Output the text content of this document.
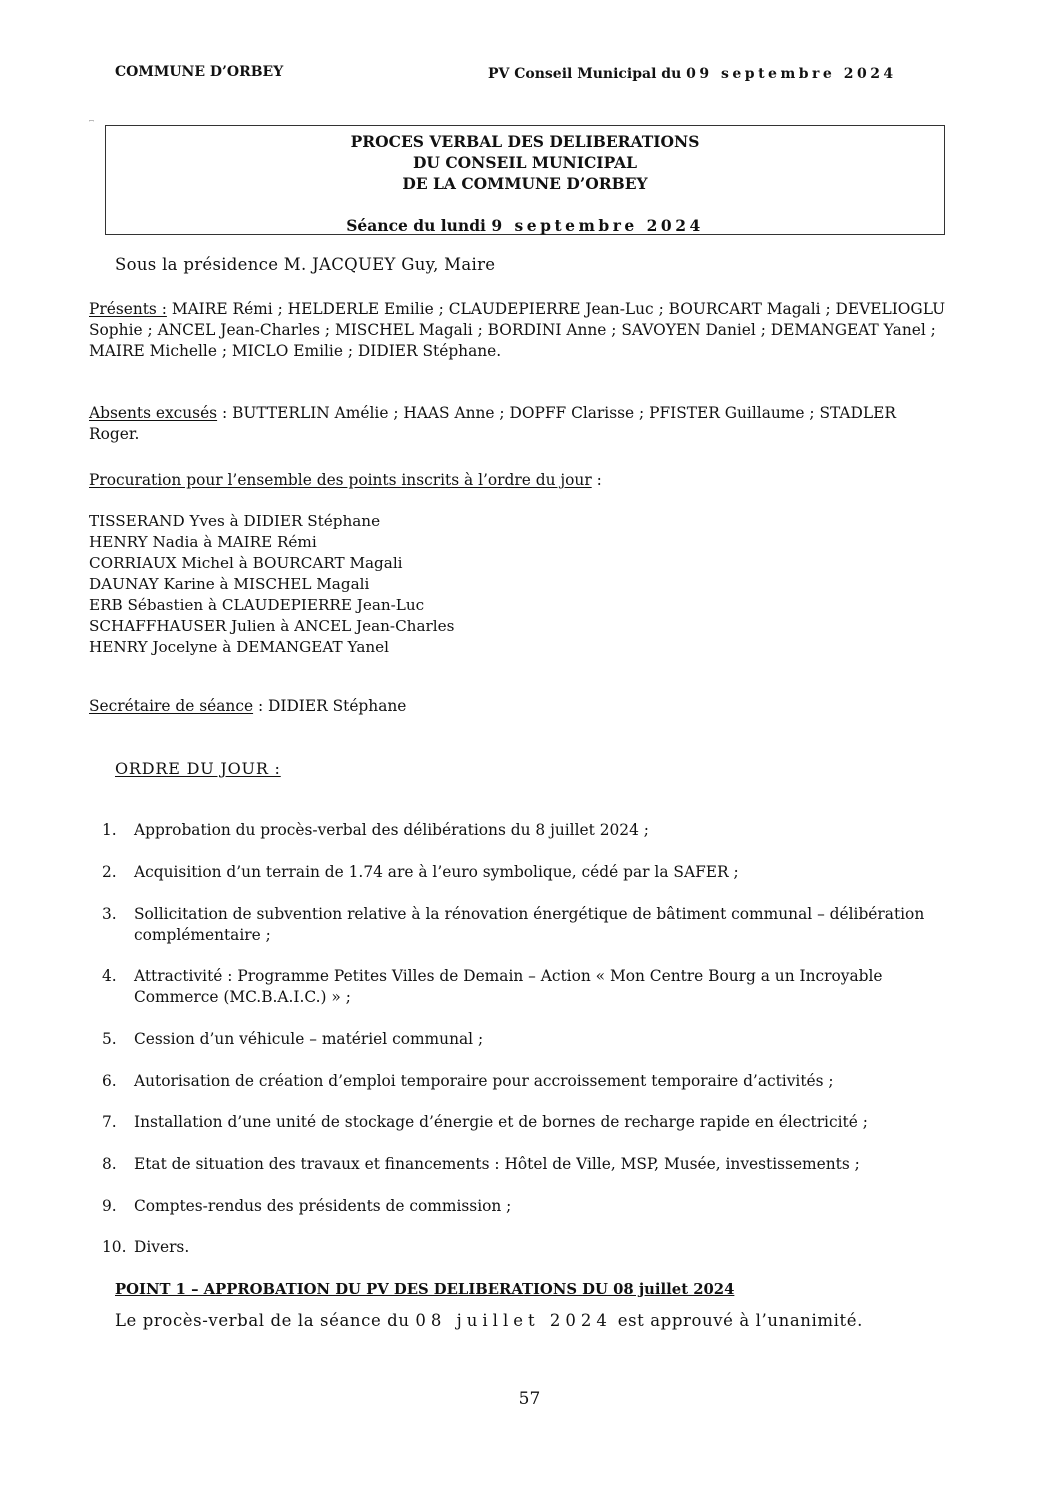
COMMUNE D’ORBEY	PV Conseil Municipal du 09 septembre 2024
ꟷ
PROCES VERBAL DES DELIBERATIONS
DU CONSEIL MUNICIPAL
DE LA COMMUNE D’ORBEY
Séance du lundi 9 septembre 2024
Sous la présidence M. JACQUEY Guy, Maire
Présents : MAIRE Rémi ; HELDERLE Emilie ; CLAUDEPIERRE Jean-Luc ; BOURCART Magali ; DEVELIOGLU Sophie ; ANCEL Jean-Charles ; MISCHEL Magali ; BORDINI Anne ; SAVOYEN Daniel ; DEMANGEAT Yanel ; MAIRE Michelle ; MICLO Emilie ; DIDIER Stéphane.
Absents excusés : BUTTERLIN Amélie ; HAAS Anne ; DOPFF Clarisse ; PFISTER Guillaume ; STADLER Roger.
Procuration pour l’ensemble des points inscrits à l’ordre du jour :
TISSERAND Yves à DIDIER Stéphane
HENRY Nadia à MAIRE Rémi
CORRIAUX Michel à BOURCART Magali
DAUNAY Karine à MISCHEL Magali
ERB Sébastien à CLAUDEPIERRE Jean-Luc
SCHAFFHAUSER Julien à ANCEL Jean-Charles
HENRY Jocelyne à DEMANGEAT Yanel
Secrétaire de séance : DIDIER Stéphane
ORDRE DU JOUR :
1.	Approbation du procès-verbal des délibérations du 8 juillet 2024 ;
2.	Acquisition d’un terrain de 1.74 are à l’euro symbolique, cédé par la SAFER ;
3.	Sollicitation de subvention relative à la rénovation énergétique de bâtiment communal – délibération complémentaire ;
4.	Attractivité : Programme Petites Villes de Demain – Action « Mon Centre Bourg a un Incroyable Commerce (MC.B.A.I.C.) » ;
5.	Cession d’un véhicule – matériel communal ;
6.	Autorisation de création d’emploi temporaire pour accroissement temporaire d’activités ;
7.	Installation d’une unité de stockage d’énergie et de bornes de recharge rapide en électricité ;
8.	Etat de situation des travaux et financements : Hôtel de Ville, MSP, Musée, investissements ;
9.	Comptes-rendus des présidents de commission ;
10. Divers.
POINT 1 – APPROBATION DU PV DES DELIBERATIONS DU 08 juillet 2024
Le procès-verbal de la séance du 08 juillet 2024 est approuvé à l’unanimité.
57
